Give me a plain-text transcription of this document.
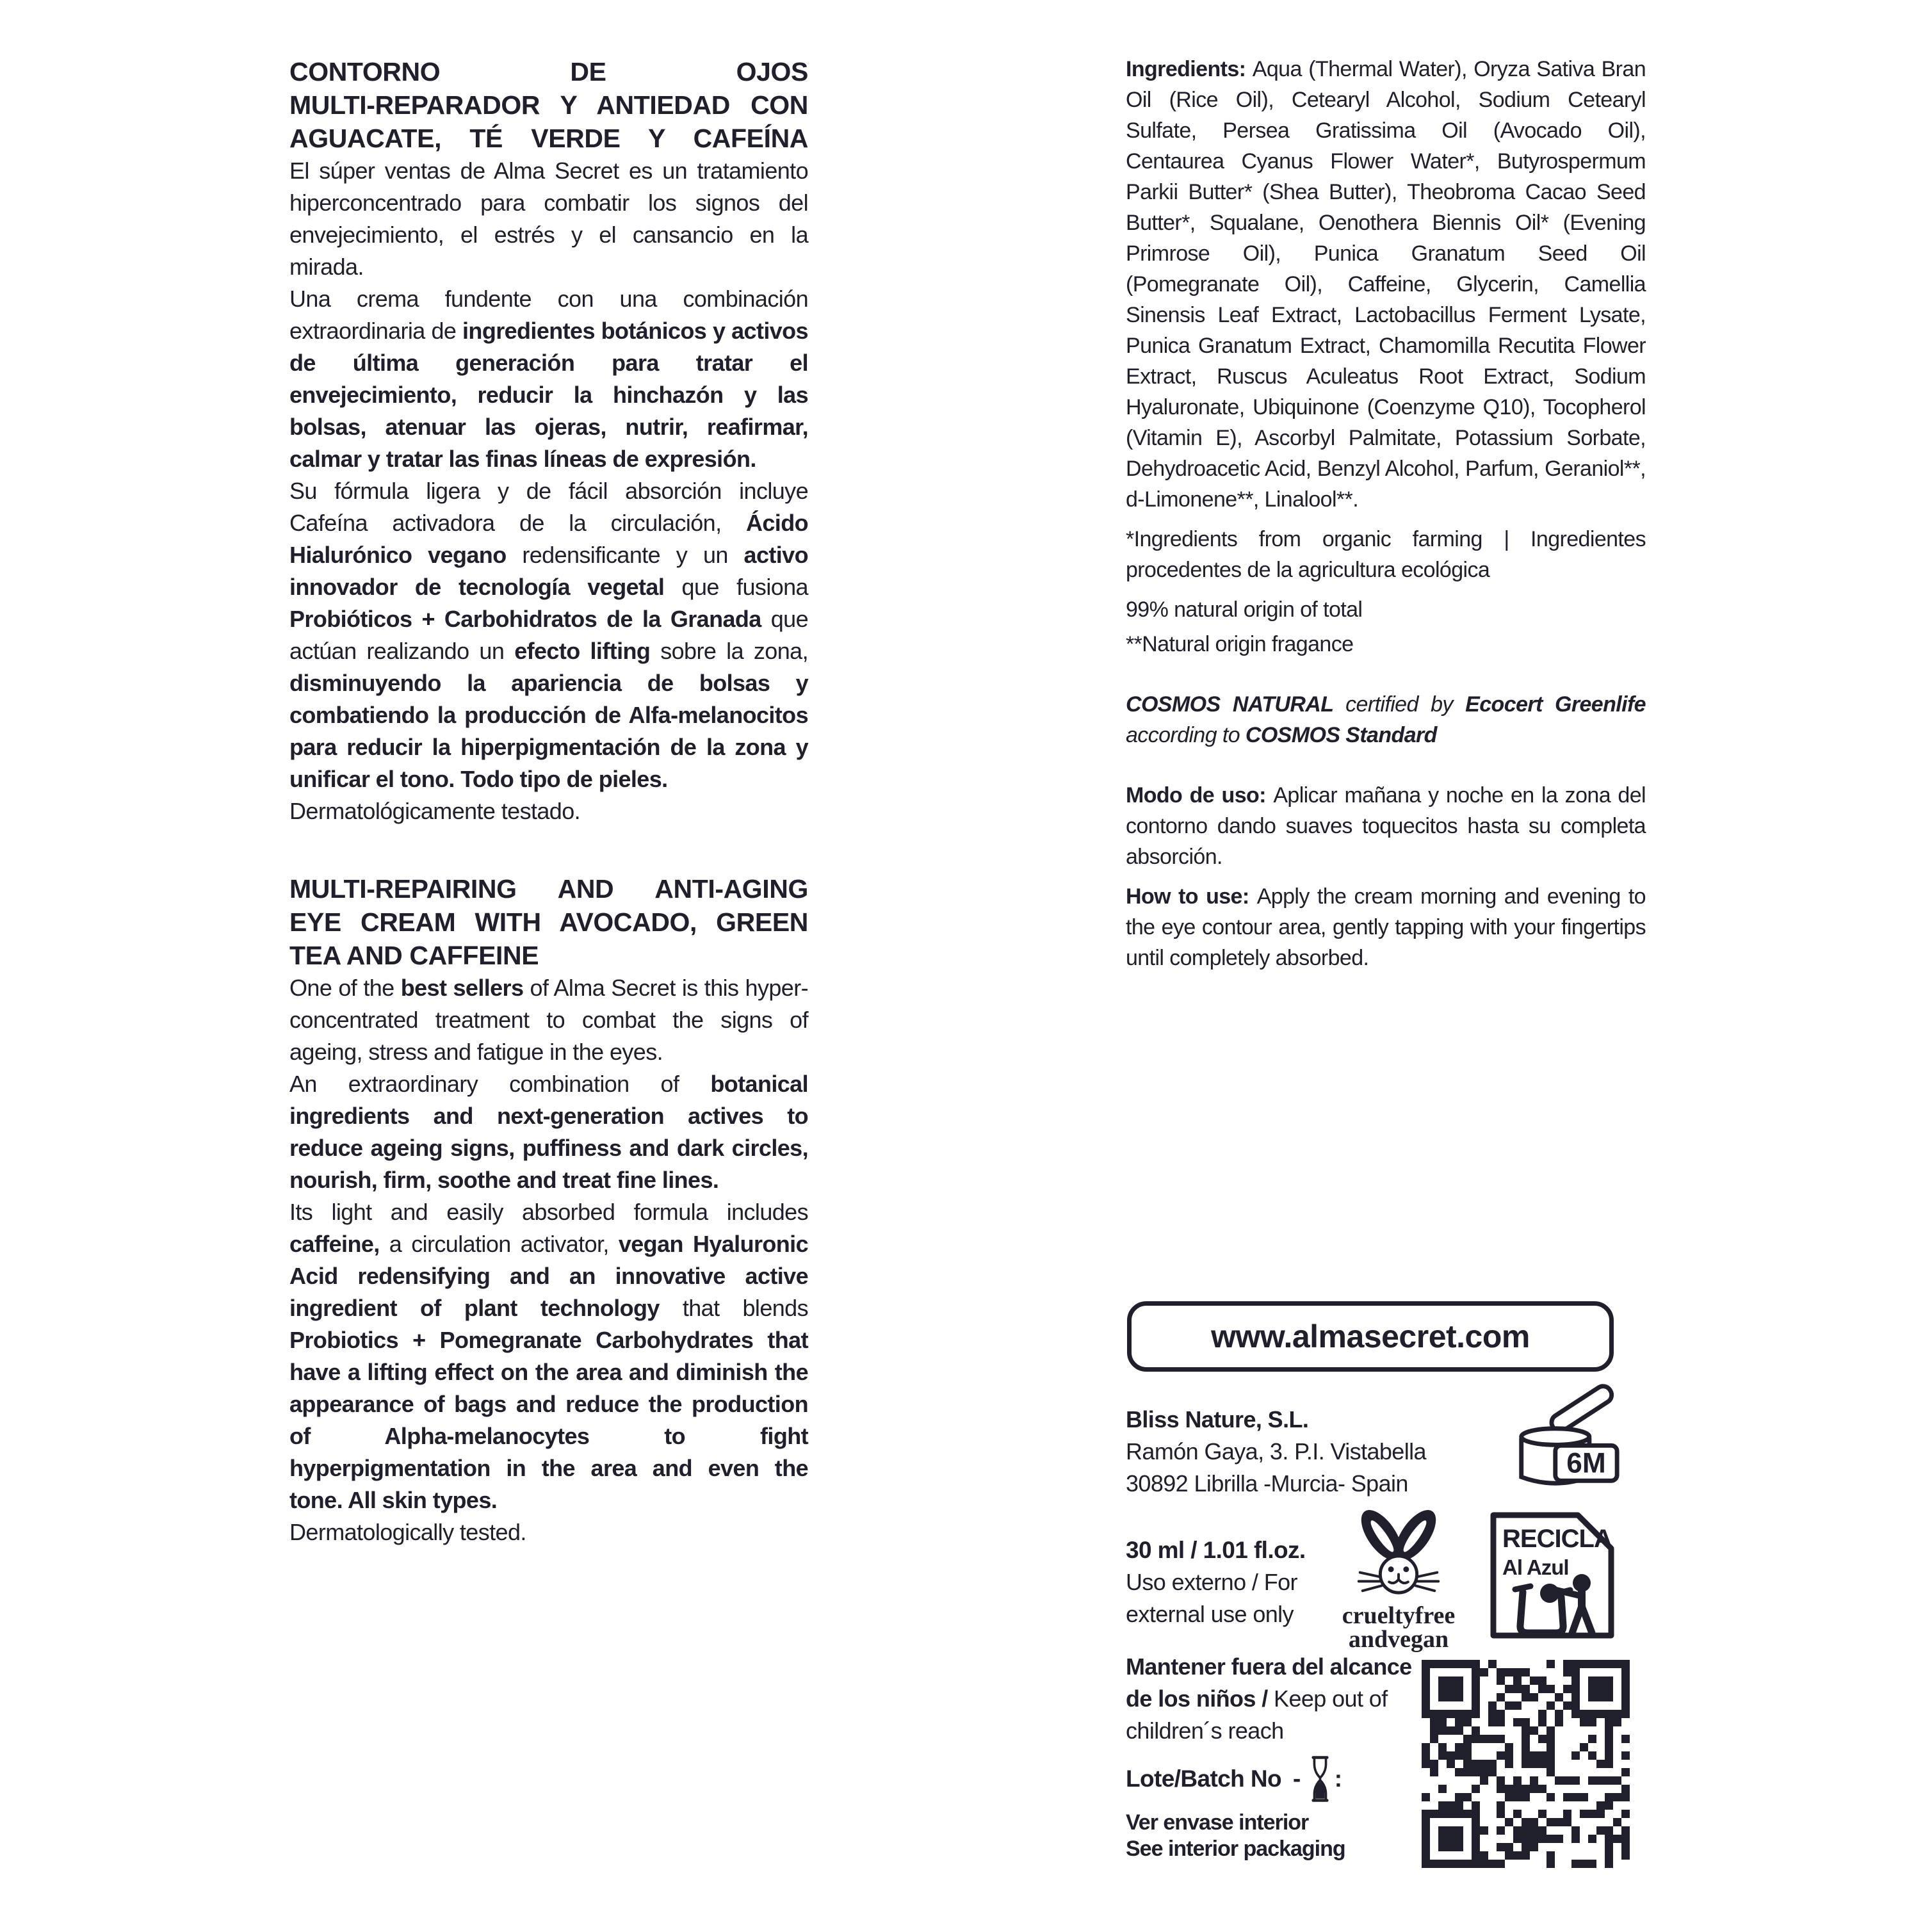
CONTORNO DE OJOS
MULTI-REPARADOR Y ANTIEDAD CON
AGUACATE, TÉ VERDE Y CAFEÍNA

El súper ventas de Alma Secret es un tratamiento hiperconcentrado para combatir los signos del envejecimiento, el estrés y el cansancio en la mirada.

Una crema fundente con una combinación extraordinaria de ingredientes botánicos y activos de última generación para tratar el envejecimiento, reducir la hinchazón y las bolsas, atenuar las ojeras, nutrir, reafirmar, calmar y tratar las finas líneas de expresión.

Su fórmula ligera y de fácil absorción incluye Cafeína activadora de la circulación, Ácido Hialurónico vegano redensificante y un activo innovador de tecnología vegetal que fusiona Probióticos + Carbohidratos de la Granada que actúan realizando un efecto lifting sobre la zona, disminuyendo la apariencia de bolsas y combatiendo la producción de Alfa-melanocitos para reducir la hiperpigmentación de la zona y unificar el tono. Todo tipo de pieles.

Dermatológicamente testado.

MULTI-REPAIRING AND ANTI-AGING
EYE CREAM WITH AVOCADO, GREEN
TEA AND CAFFEINE

One of the best sellers of Alma Secret is this hyper-concentrated treatment to combat the signs of ageing, stress and fatigue in the eyes.

An extraordinary combination of botanical ingredients and next-generation actives to reduce ageing signs, puffiness and dark circles, nourish, firm, soothe and treat fine lines.

Its light and easily absorbed formula includes caffeine, a circulation activator, vegan Hyaluronic Acid redensifying and an innovative active ingredient of plant technology that blends Probiotics + Pomegranate Carbohydrates that have a lifting effect on the area and diminish the appearance of bags and reduce the production of Alpha-melanocytes to fight hyperpigmentation in the area and even the tone. All skin types.

Dermatologically tested.

Ingredients: Aqua (Thermal Water), Oryza Sativa Bran Oil (Rice Oil), Cetearyl Alcohol, Sodium Cetearyl Sulfate, Persea Gratissima Oil (Avocado Oil), Centaurea Cyanus Flower Water*, Butyrospermum Parkii Butter* (Shea Butter), Theobroma Cacao Seed Butter*, Squalane, Oenothera Biennis Oil* (Evening Primrose Oil), Punica Granatum Seed Oil (Pomegranate Oil), Caffeine, Glycerin, Camellia Sinensis Leaf Extract, Lactobacillus Ferment Lysate, Punica Granatum Extract, Chamomilla Recutita Flower Extract, Ruscus Aculeatus Root Extract, Sodium Hyaluronate, Ubiquinone (Coenzyme Q10), Tocopherol (Vitamin E), Ascorbyl Palmitate, Potassium Sorbate, Dehydroacetic Acid, Benzyl Alcohol, Parfum, Geraniol**, d-Limonene**, Linalool**.

*Ingredients from organic farming | Ingredientes procedentes de la agricultura ecológica

99% natural origin of total

**Natural origin fragance

COSMOS NATURAL certified by Ecocert Greenlife according to COSMOS Standard

Modo de uso: Aplicar mañana y noche en la zona del contorno dando suaves toquecitos hasta su completa absorción.

How to use: Apply the cream morning and evening to the eye contour area, gently tapping with your fingertips until completely absorbed.

www.almasecret.com
Bliss Nature, S.L.
Ramón Gaya, 3. P.I. Vistabella
30892 Librilla -Murcia- Spain
6M
30 ml / 1.01 fl.oz.
Uso externo / For
external use only	crueltyfree
andvegan
RECICLA
Al Azul

Mantener fuera del alcance de los niños / Keep out of children´s reach

Lote/Batch No - :
Ver envase interior
See interior packaging
